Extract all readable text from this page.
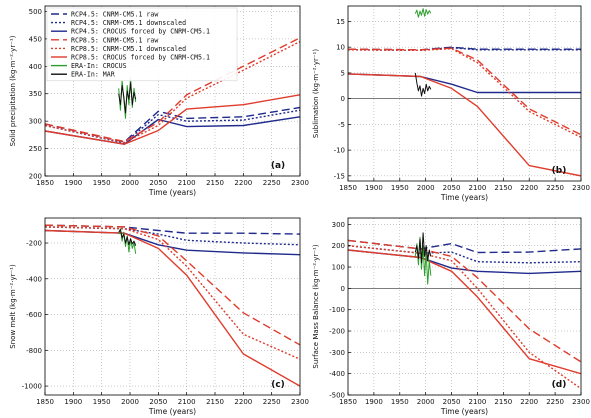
1850 1900 1950 2000 2050 2100 2150 2200 2250 2300
200
250
300
350
400
450
500
Time (years)
Solid precipitation (kg·m⁻²·yr⁻¹)
(a)
RCP4.5: CNRM-CM5.1 raw
RCP4.5: CNRM-CM5.1 downscaled
RCP4.5: CROCUS forced by CNRM-CM5.1
RCP8.5: CNRM-CM5.1 raw
RCP8.5: CNRM-CM5.1 downscaled
RCP8.5: CROCUS forced by CNRM-CM5.1
ERA-In: CROCUS
ERA-In: MAR
1850 1900 1950 2000 2050 2100 2150 2200 2250 2300
-15
-10
-5
0
5
10
15
Time (years)
Sublimation (kg·m⁻²·yr⁻¹)
(b)
1850 1900 1950 2000 2050 2100 2150 2200 2250 2300
-1000
-800
-600
-400
-200
Time (years)
Snow melt (kg·m⁻²·yr⁻¹)
(c)
1850 1900 1950 2000 2050 2100 2150 2200 2250 2300
-500
-400
-300
-200
-100
0
100
200
300
Time (years)
Surface Mass Balance (kg·m⁻²·yr⁻¹)
(d)
